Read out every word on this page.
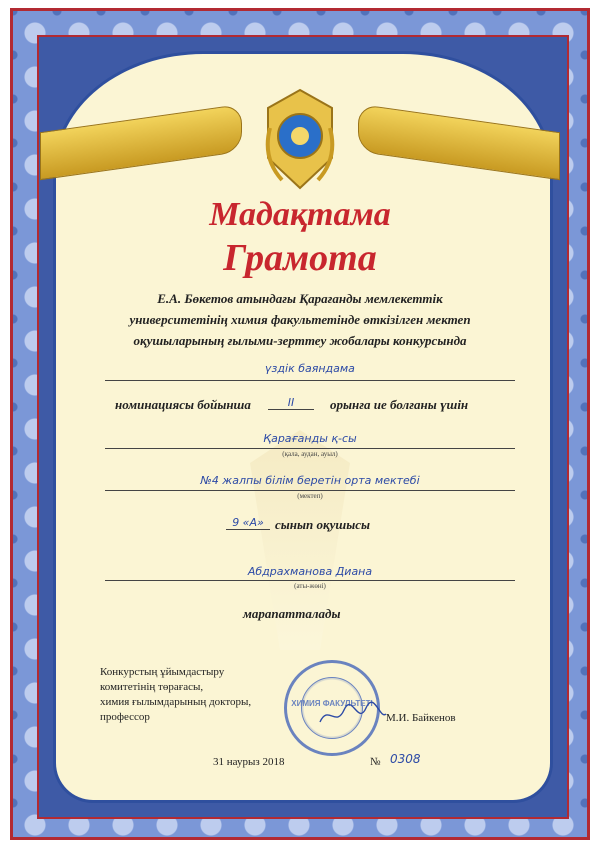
Мадақтама
Грамота
Е.А. Бөкетов атындағы Қарағанды мемлекеттік университетінің химия факультетінде өткізілген мектеп оқушыларының ғылыми-зерттеу жобалары конкурсында
үздік баяндама
номинациясы бойынша	II	орынға ие болғаны үшін
Қарағанды қ-сы
(қала, аудан, ауыл)
№4 жалпы білім беретін орта мектебі
(мектеп)
9 «А» сынып оқушысы
Абдрахманова Диана
(аты-жөні)
марапатталады
Конкурстың ұйымдастыру
комитетінің төрағасы,
химия ғылымдарының докторы,
профессор
ХИМИЯ ФАКУЛЬТЕТІ
М.И. Байкенов
31 наурыз 2018	№ 0308
